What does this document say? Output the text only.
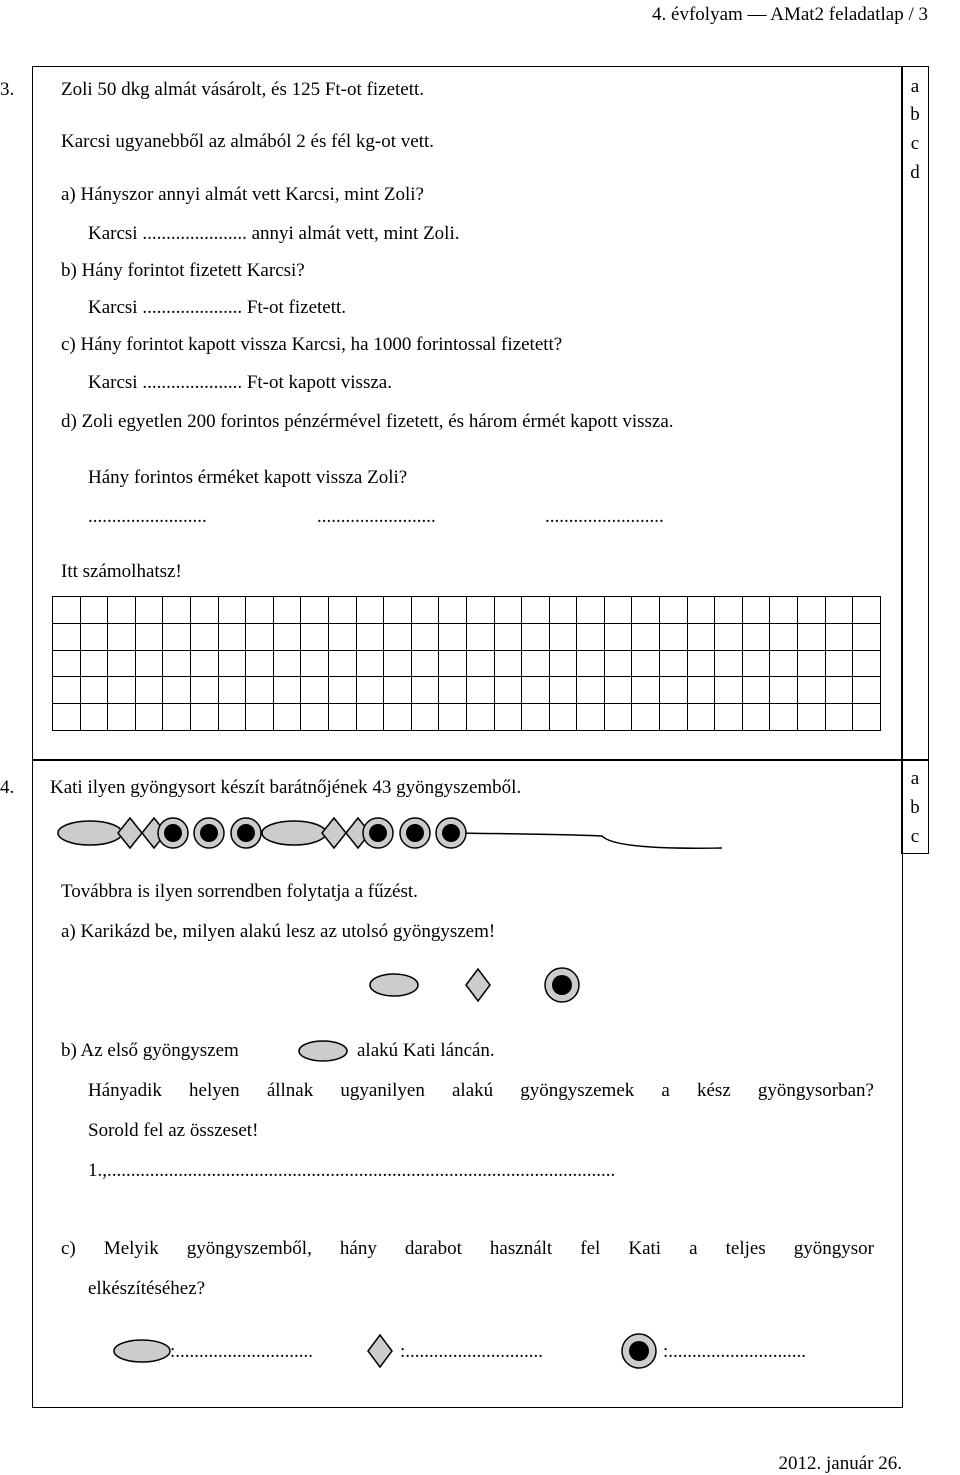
4. évfolyam — AMat2 feladatlap / 3
a
b
c
d
3. Zoli 50 dkg almát vásárolt, és 125 Ft-ot fizetett.
Karcsi ugyanebből az almából 2 és fél kg-ot vett.
a) Hányszor annyi almát vett Karcsi, mint Zoli?
Karcsi ...................... annyi almát vett, mint Zoli.
b) Hány forintot fizetett Karcsi?
Karcsi ..................... Ft-ot fizetett.
c) Hány forintot kapott vissza Karcsi, ha 1000 forintossal fizetett?
Karcsi ..................... Ft-ot kapott vissza.
d) Zoli egyetlen 200 forintos pénzérmével fizetett, és három érmét kapott vissza.
Hány forintos érméket kapott vissza Zoli?
.........................	.........................	.........................
Itt számolhatsz!

a
b
c
4. Kati ilyen gyöngysort készít barátnőjének 43 gyöngyszemből.
Továbbra is ilyen sorrendben folytatja a fűzést.
a) Karikázd be, milyen alakú lesz az utolsó gyöngyszem!
b) Az első gyöngyszem	alakú Kati láncán.
Hányadik helyen állnak ugyanilyen alakú gyöngyszemek a kész gyöngysorban?
Sorold fel az összeset!
1.,...........................................................................................................
c) Melyik gyöngyszemből, hány darabot használt fel Kati a teljes gyöngysor
elkészítéséhez?
:.............................	:.............................	:.............................
2012. január 26.
